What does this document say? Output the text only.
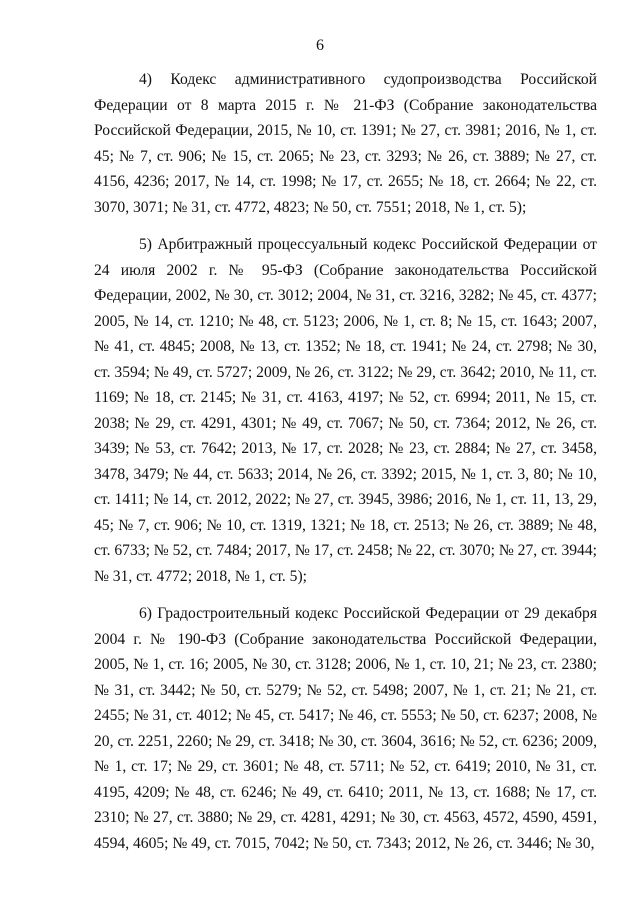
6

4) Кодекс административного судопроизводства Российской Федерации от 8 марта 2015 г. № 21-ФЗ (Собрание законодательства Российской Федерации, 2015, № 10, ст. 1391; № 27, ст. 3981; 2016, № 1, ст. 45; № 7, ст. 906; № 15, ст. 2065; № 23, ст. 3293; № 26, ст. 3889; № 27, ст. 4156, 4236; 2017, № 14, ст. 1998; № 17, ст. 2655; № 18, ст. 2664; № 22, ст. 3070, 3071; № 31, ст. 4772, 4823; № 50, ст. 7551; 2018, № 1, ст. 5);

5) Арбитражный процессуальный кодекс Российской Федерации от 24 июля 2002 г. № 95-ФЗ (Собрание законодательства Российской Федерации, 2002, № 30, ст. 3012; 2004, № 31, ст. 3216, 3282; № 45, ст. 4377; 2005, № 14, ст. 1210; № 48, ст. 5123; 2006, № 1, ст. 8; № 15, ст. 1643; 2007, № 41, ст. 4845; 2008, № 13, ст. 1352; № 18, ст. 1941; № 24, ст. 2798; № 30, ст. 3594; № 49, ст. 5727; 2009, № 26, ст. 3122; № 29, ст. 3642; 2010, № 11, ст. 1169; № 18, ст. 2145; № 31, ст. 4163, 4197; № 52, ст. 6994; 2011, № 15, ст. 2038; № 29, ст. 4291, 4301; № 49, ст. 7067; № 50, ст. 7364; 2012, № 26, ст. 3439; № 53, ст. 7642; 2013, № 17, ст. 2028; № 23, ст. 2884; № 27, ст. 3458, 3478, 3479; № 44, ст. 5633; 2014, № 26, ст. 3392; 2015, № 1, ст. 3, 80; № 10, ст. 1411; № 14, ст. 2012, 2022; № 27, ст. 3945, 3986; 2016, № 1, ст. 11, 13, 29, 45; № 7, ст. 906; № 10, ст. 1319, 1321; № 18, ст. 2513; № 26, ст. 3889; № 48, ст. 6733; № 52, ст. 7484; 2017, № 17, ст. 2458; № 22, ст. 3070; № 27, ст. 3944; № 31, ст. 4772; 2018, № 1, ст. 5);

6) Градостроительный кодекс Российской Федерации от 29 декабря 2004 г. № 190-ФЗ (Собрание законодательства Российской Федерации, 2005, № 1, ст. 16; 2005, № 30, ст. 3128; 2006, № 1, ст. 10, 21; № 23, ст. 2380; № 31, ст. 3442; № 50, ст. 5279; № 52, ст. 5498; 2007, № 1, ст. 21; № 21, ст. 2455; № 31, ст. 4012; № 45, ст. 5417; № 46, ст. 5553; № 50, ст. 6237; 2008, № 20, ст. 2251, 2260; № 29, ст. 3418; № 30, ст. 3604, 3616; № 52, ст. 6236; 2009, № 1, ст. 17; № 29, ст. 3601; № 48, ст. 5711; № 52, ст. 6419; 2010, № 31, ст. 4195, 4209; № 48, ст. 6246; № 49, ст. 6410; 2011, № 13, ст. 1688; № 17, ст. 2310; № 27, ст. 3880; № 29, ст. 4281, 4291; № 30, ст. 4563, 4572, 4590, 4591, 4594, 4605; № 49, ст. 7015, 7042; № 50, ст. 7343; 2012, № 26, ст. 3446; № 30,
